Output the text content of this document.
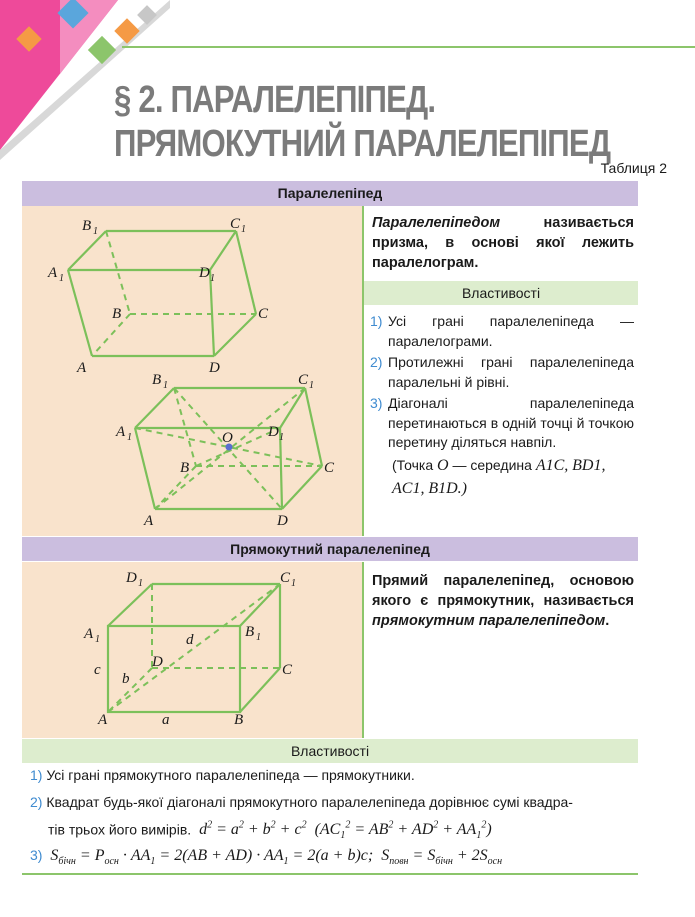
§ 2. ПАРАЛЕЛЕПІПЕД.
ПРЯМОКУТНИЙ ПАРАЛЕЛЕПІПЕД
Таблиця 2
Паралелепіпед
B 1	C 1
A 1	D 1
B	C
A	D
B 1	C 1
A 1	D 1
O
B	C
A	D
Паралелепіпедом називається призма, в основі якої лежить паралелограм.
Властивості
1) Усі грані паралелепіпеда — паралелограми.
2) Протилежні грані паралелепіпеда паралельні й рівні.
3) Діагоналі паралелепіпеда перетинаються в одній точці й точкою перетину діляться навпіл.
(Точка O — середина A1C, BD1,
AC1, B1D.)
Прямокутний паралелепіпед
D 1	C 1
A 1	B 1
d
D	C
c
b
A	a	B
Прямий паралелепіпед, основою якого є прямокутник, називається прямокутним паралелепіпедом.
Властивості
1) Усі грані прямокутного паралелепіпеда — прямокутники.
2) Квадрат будь-якої діагоналі прямокутного паралелепіпеда дорівнює сумі квадра-
тів трьох його вимірів.  $d^2 = a^2 + b^2 + c^2$  $(AC_1^2 = AB^2 + AD^2 + AA_1^2)$
3)  $S_{бічн} = P_{осн} \cdot AA_1 = 2(AB + AD) \cdot AA_1 = 2(a + b)c$;  $S_{повн} = S_{бічн} + 2S_{осн}$
